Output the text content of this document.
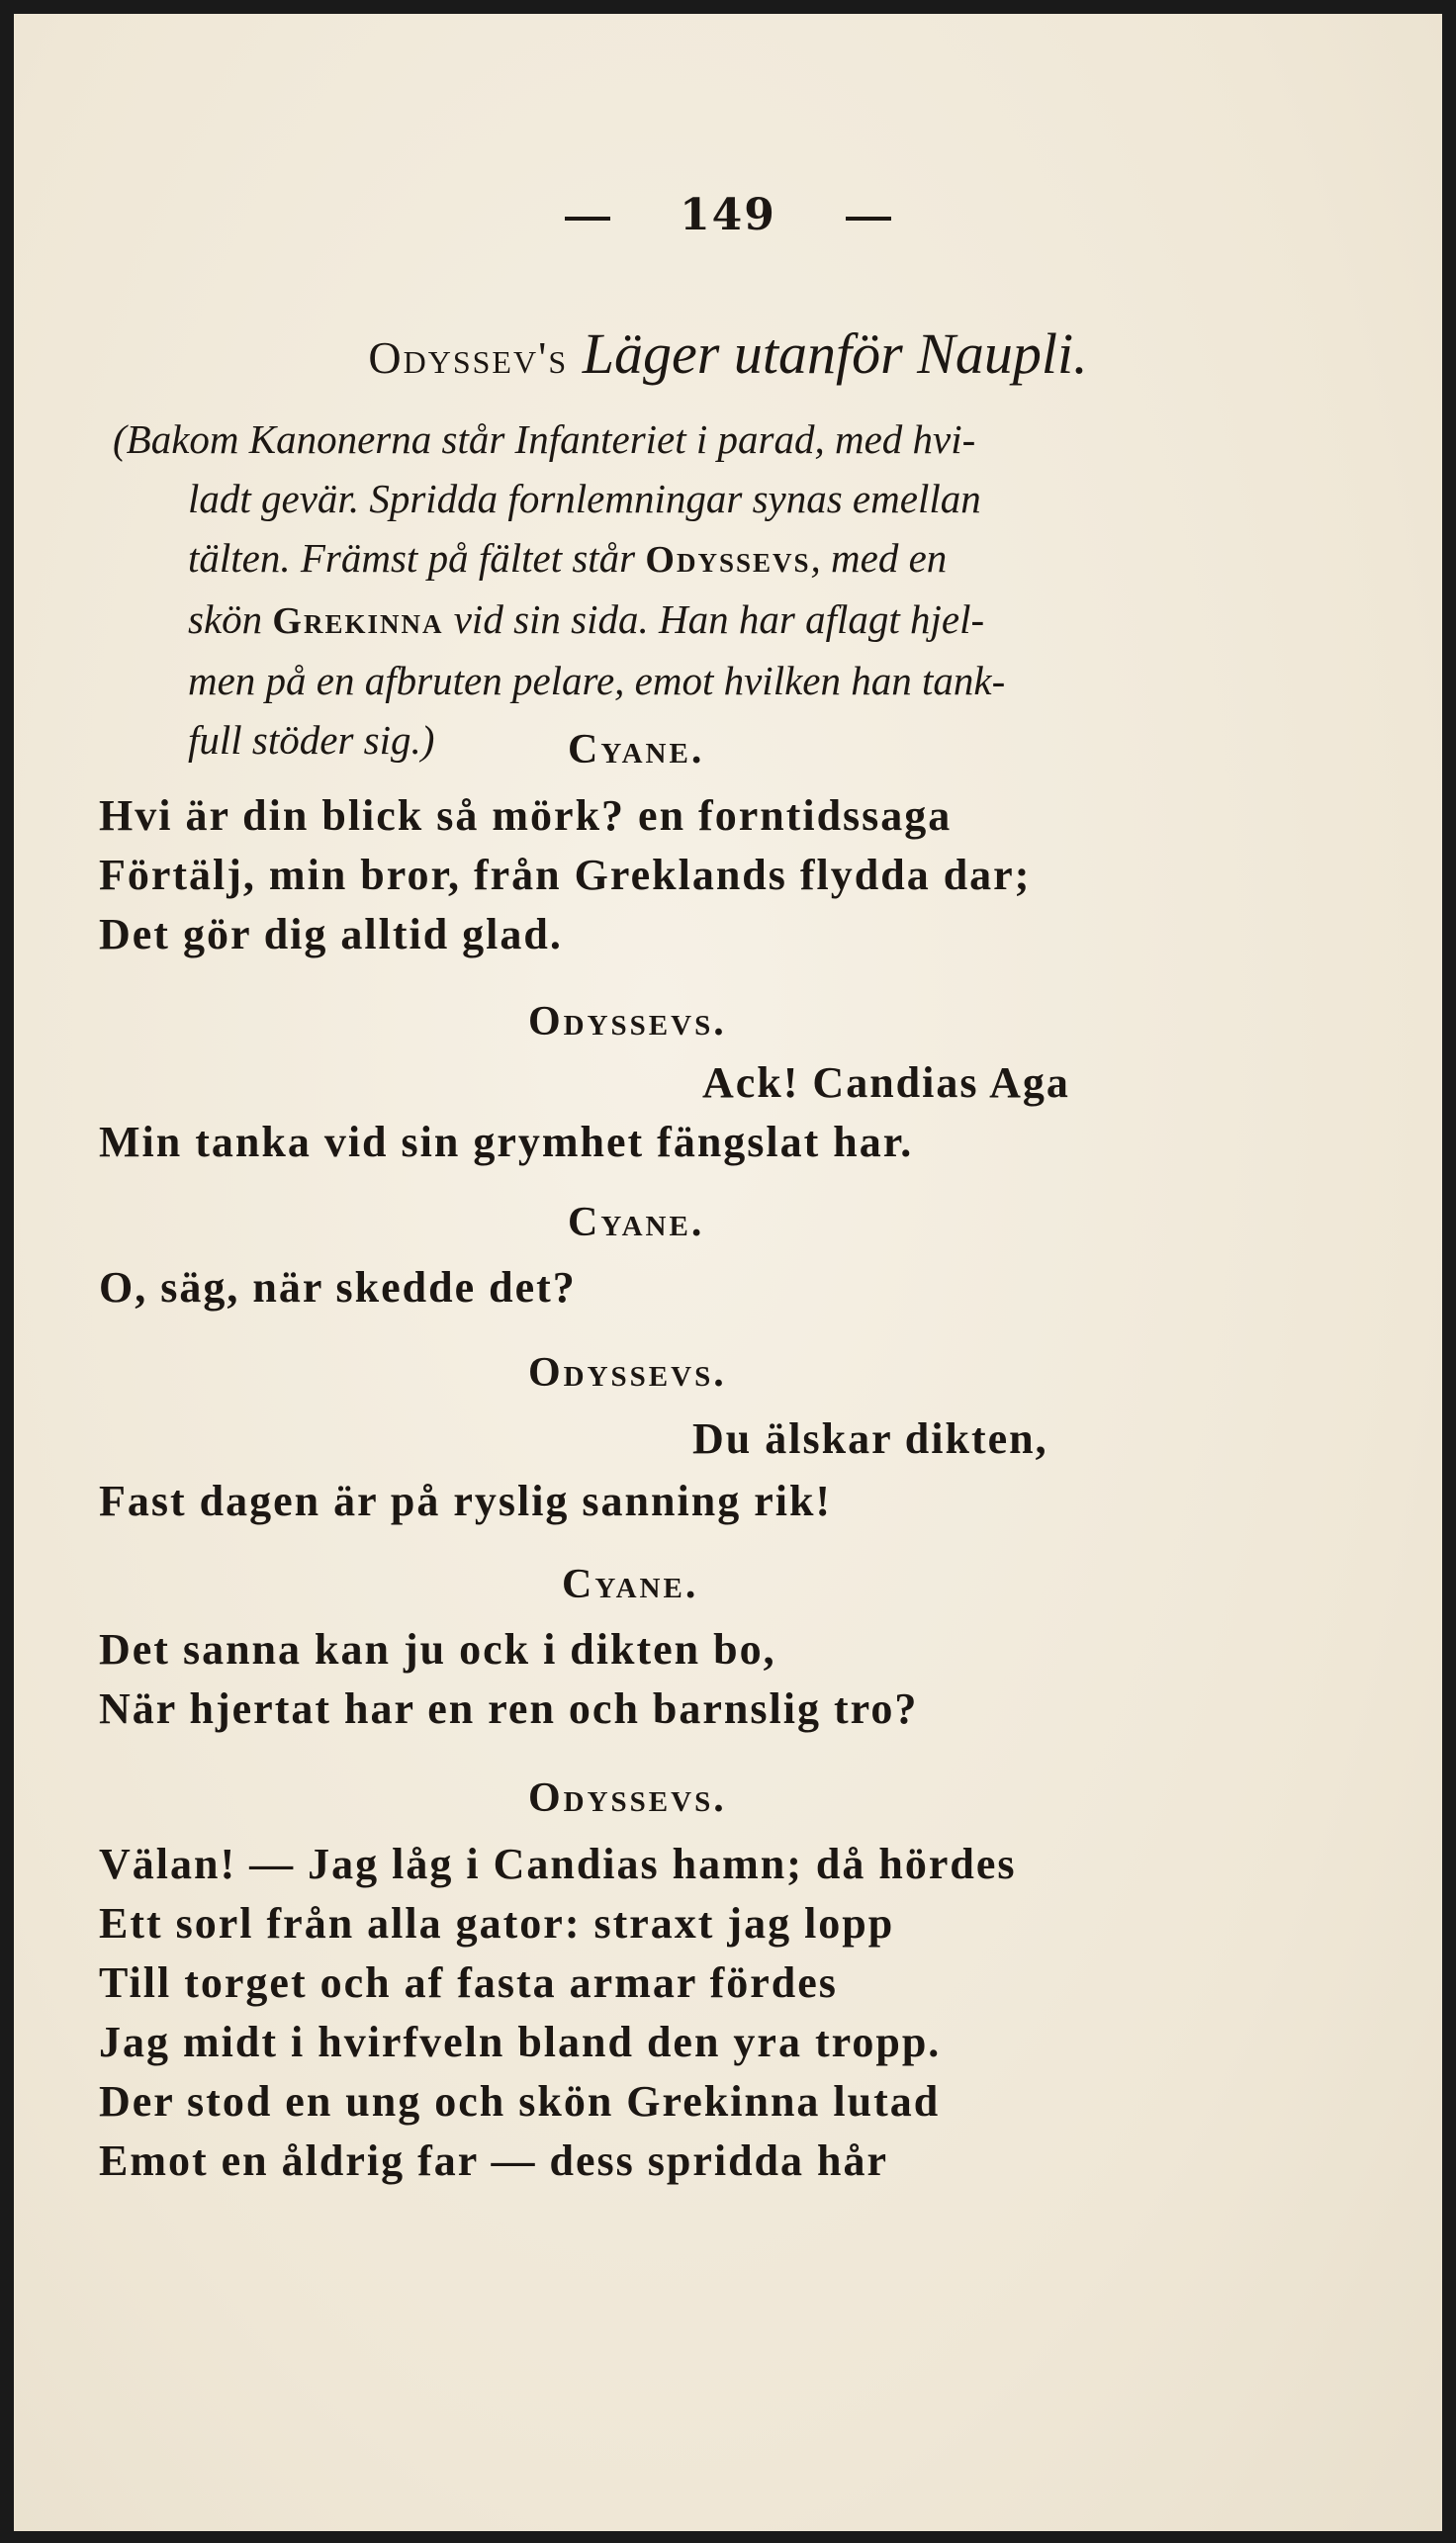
149
Odyssev's Läger utanför Naupli.
(Bakom Kanonerna står Infanteriet i parad, med hvi-
ladt gevär. Spridda fornlemningar synas emellan
tälten. Främst på fältet står Odyssevs, med en
skön Grekinna vid sin sida. Han har aflagt hjel-
men på en afbruten pelare, emot hvilken han tank-
full stöder sig.)	Cyane.
Hvi är din blick så mörk? en forntidssaga
Förtälj, min bror, från Greklands flydda dar;
Det gör dig alltid glad.
Odyssevs.
Ack! Candias Aga
Min tanka vid sin grymhet fängslat har.
Cyane.
O, säg, när skedde det?
Odyssevs.
Du älskar dikten,
Fast dagen är på ryslig sanning rik!
Cyane.
Det sanna kan ju ock i dikten bo,
När hjertat har en ren och barnslig tro?
Odyssevs.
Välan! — Jag låg i Candias hamn; då hördes
Ett sorl från alla gator: straxt jag lopp
Till torget och af fasta armar fördes
Jag midt i hvirfveln bland den yra tropp.
Der stod en ung och skön Grekinna lutad
Emot en åldrig far — dess spridda hår
